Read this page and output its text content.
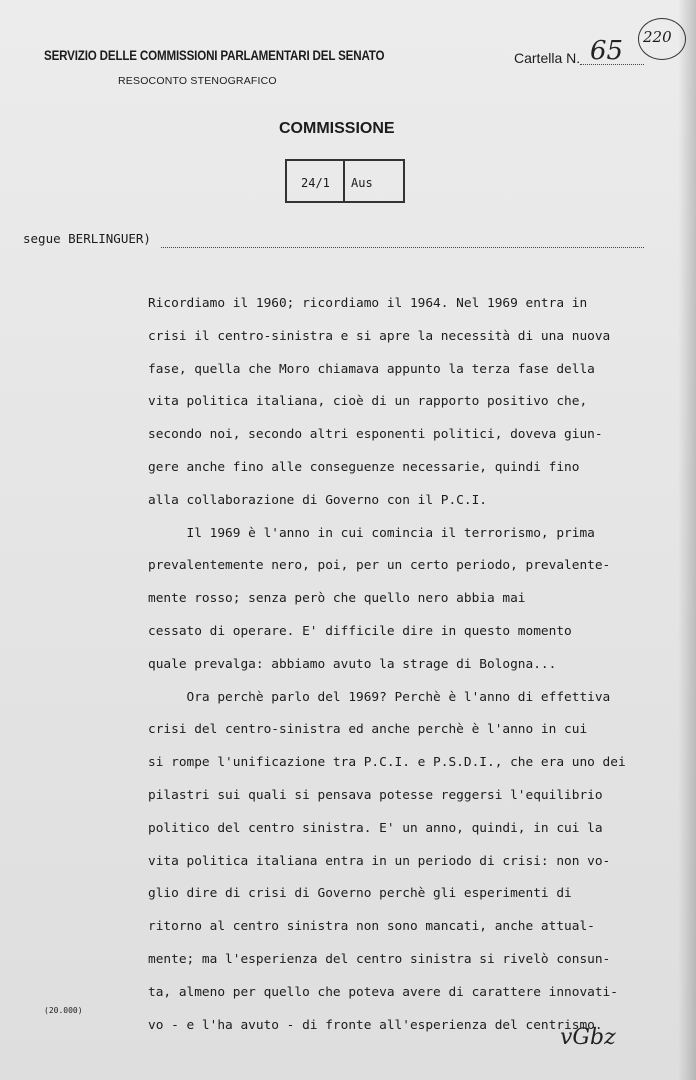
SERVIZIO DELLE COMMISSIONI PARLAMENTARI DEL SENATO
RESOCONTO STENOGRAFICO
Cartella N. 65 220
COMMISSIONE
24/1 Aus
segue BERLINGUER)

Ricordiamo il 1960; ricordiamo il 1964. Nel 1969 entra in

crisi il centro-sinistra e si apre la necessità di una nuova

fase, quella che Moro chiamava appunto la terza fase della

vita politica italiana, cioè di un rapporto positivo che,

secondo noi, secondo altri esponenti politici, doveva giun-

gere anche fino alle conseguenze necessarie, quindi fino

alla collaborazione di Governo con il P.C.I.

Il 1969 è l'anno in cui comincia il terrorismo, prima

prevalentemente nero, poi, per un certo periodo, prevalente-

mente rosso; senza però che quello nero abbia mai

cessato di operare. E' difficile dire in questo momento

quale prevalga: abbiamo avuto la strage di Bologna...

Ora perchè parlo del 1969? Perchè è l'anno di effettiva

crisi del centro-sinistra ed anche perchè è l'anno in cui

si rompe l'unificazione tra P.C.I. e P.S.D.I., che era uno dei

pilastri sui quali si pensava potesse reggersi l'equilibrio

politico del centro sinistra. E' un anno, quindi, in cui la

vita politica italiana entra in un periodo di crisi: non vo-

glio dire di crisi di Governo perchè gli esperimenti di

ritorno al centro sinistra non sono mancati, anche attual-

mente; ma l'esperienza del centro sinistra si rivelò consun-

ta, almeno per quello che poteva avere di carattere innovati-

vo - e l'ha avuto - di fronte all'esperienza del centrismo.

(20.000)
vGbz
